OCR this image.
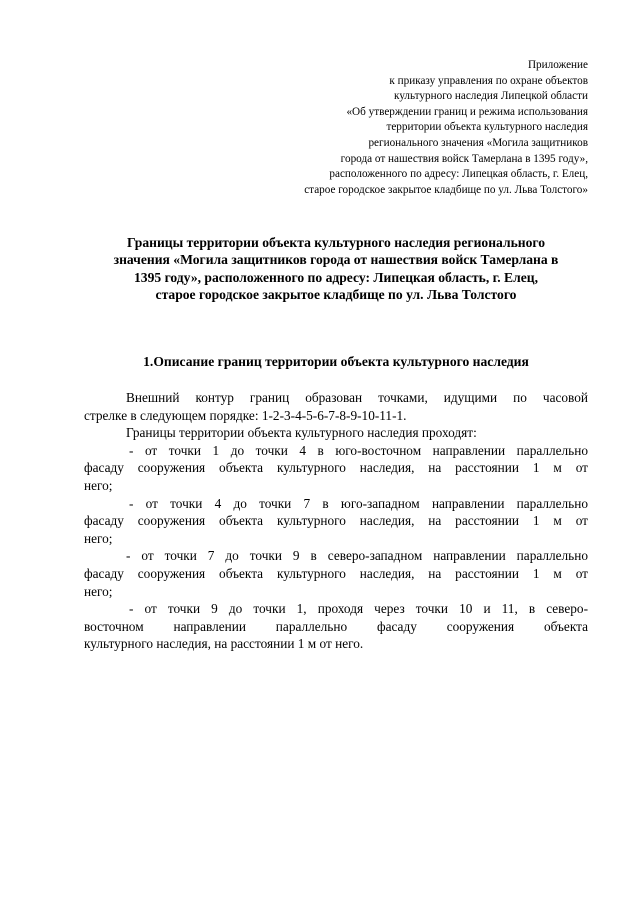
Приложение
к приказу управления по охране объектов
культурного наследия Липецкой области
«Об утверждении границ и режима использования
территории объекта культурного наследия
регионального значения «Могила защитников
города от нашествия войск Тамерлана в 1395 году»,
расположенного по адресу: Липецкая область, г. Елец,
старое городское закрытое кладбище по ул. Льва Толстого»
Границы территории объекта культурного наследия регионального
значения «Могила защитников города от нашествия войск Тамерлана в
1395 году», расположенного по адресу: Липецкая область, г. Елец,
старое городское закрытое кладбище по ул. Льва Толстого
1.Описание границ территории объекта культурного наследия
Внешний контур границ образован точками, идущими по часовой
стрелке в следующем порядке: 1-2-3-4-5-6-7-8-9-10-11-1.
Границы территории объекта культурного наследия проходят:
- от точки 1 до точки 4 в юго-восточном направлении параллельно
фасаду сооружения объекта культурного наследия, на расстоянии 1 м от
него;
- от точки 4 до точки 7 в юго-западном направлении параллельно
фасаду сооружения объекта культурного наследия, на расстоянии 1 м от
него;
- от точки 7 до точки 9 в северо-западном направлении параллельно
фасаду сооружения объекта культурного наследия, на расстоянии 1 м от
него;
- от точки 9 до точки 1, проходя через точки 10 и 11, в северо-
восточном направлении параллельно фасаду сооружения объекта
культурного наследия, на расстоянии 1 м от него.
